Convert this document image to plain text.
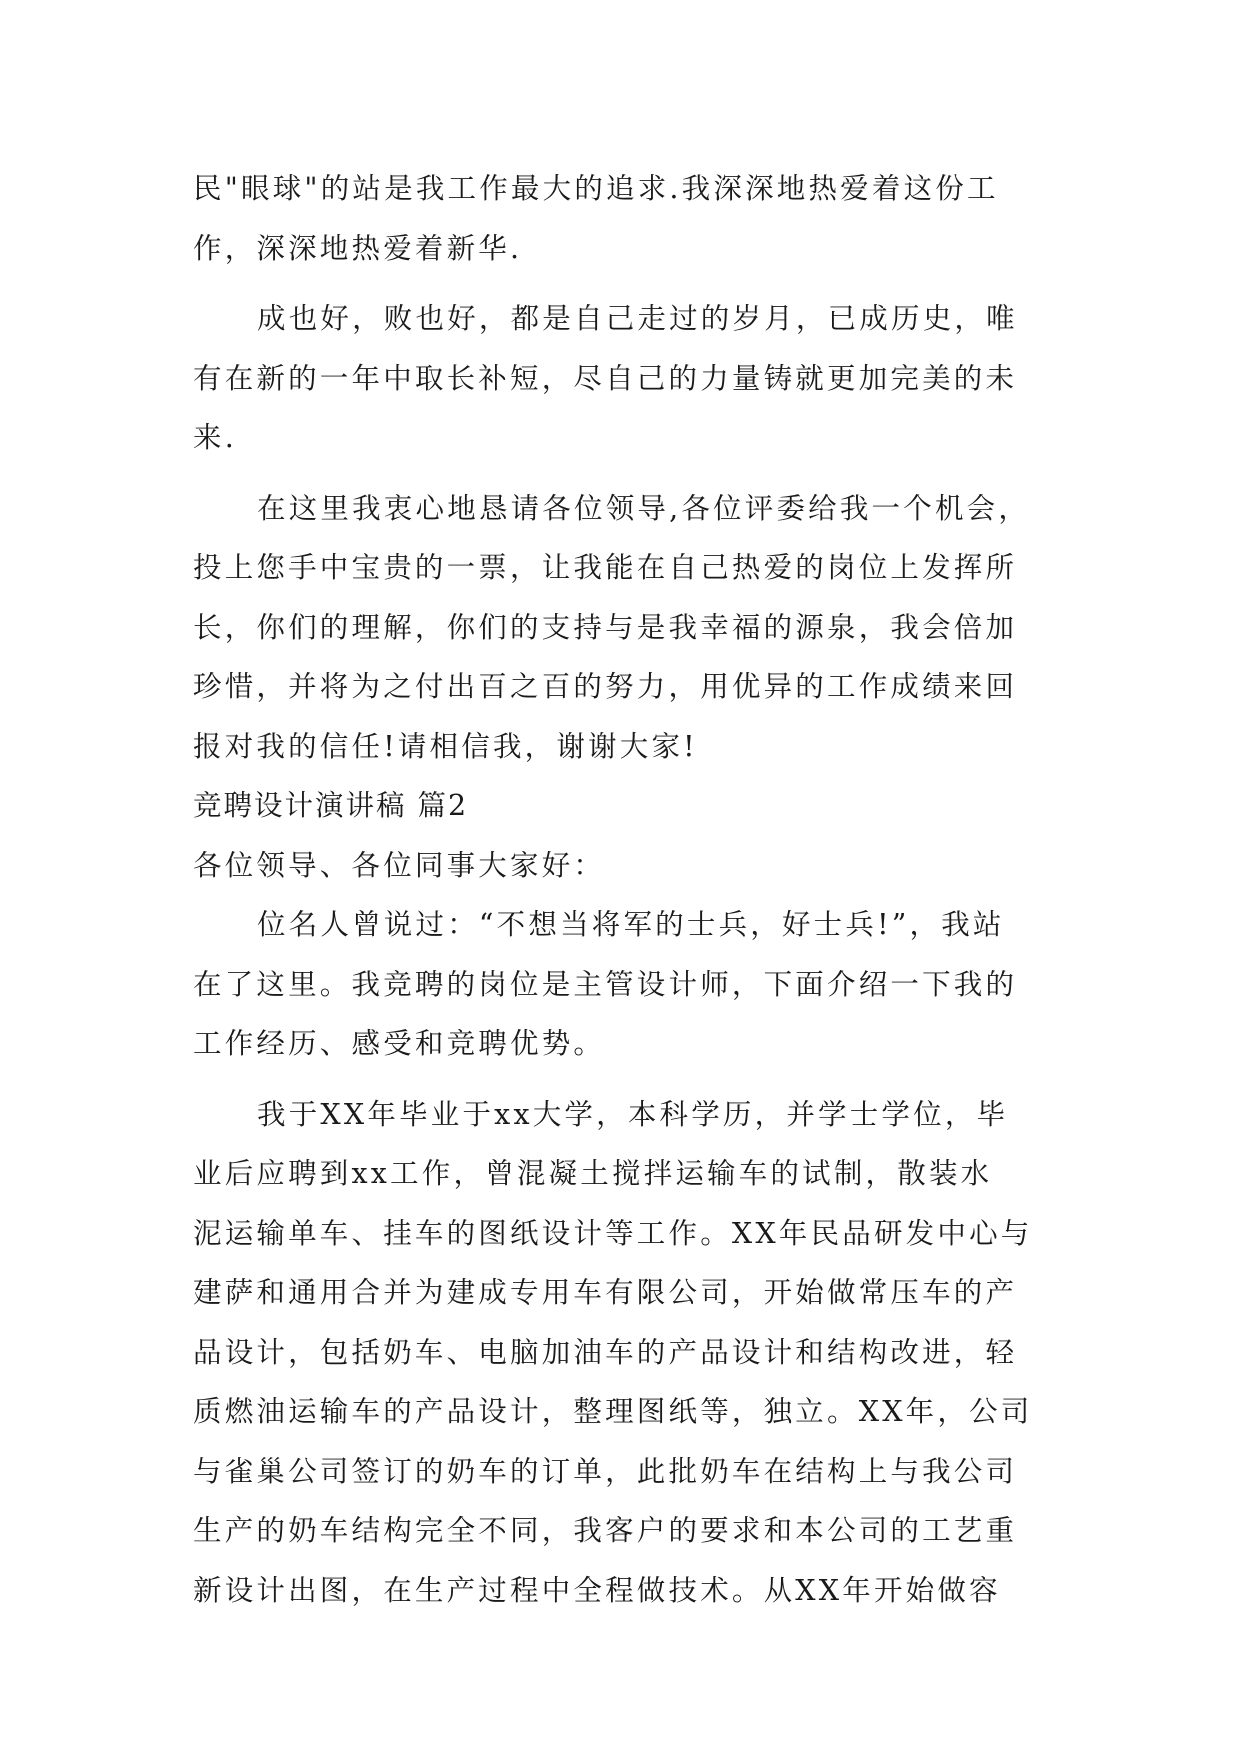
民"眼球"的站是我工作最大的追求.我深深地热爱着这份工
作，深深地热爱着新华.
成也好，败也好，都是自己走过的岁月，已成历史，唯
有在新的一年中取长补短，尽自己的力量铸就更加完美的未
来.
在这里我衷心地恳请各位领导,各位评委给我一个机会，
投上您手中宝贵的一票，让我能在自己热爱的岗位上发挥所
长，你们的理解，你们的支持与是我幸福的源泉，我会倍加
珍惜，并将为之付出百之百的努力，用优异的工作成绩来回
报对我的信任!请相信我，谢谢大家!
竞聘设计演讲稿 篇2
各位领导、各位同事大家好：
位名人曾说过：“不想当将军的士兵，好士兵!”，我站
在了这里。我竞聘的岗位是主管设计师，下面介绍一下我的
工作经历、感受和竞聘优势。
我于XX年毕业于xx大学，本科学历，并学士学位，毕
业后应聘到xx工作，曾混凝土搅拌运输车的试制，散装水
泥运输单车、挂车的图纸设计等工作。XX年民品研发中心与
建萨和通用合并为建成专用车有限公司，开始做常压车的产
品设计，包括奶车、电脑加油车的产品设计和结构改进，轻
质燃油运输车的产品设计，整理图纸等，独立。XX年，公司
与雀巢公司签订的奶车的订单，此批奶车在结构上与我公司
生产的奶车结构完全不同，我客户的要求和本公司的工艺重
新设计出图，在生产过程中全程做技术。从XX年开始做容
